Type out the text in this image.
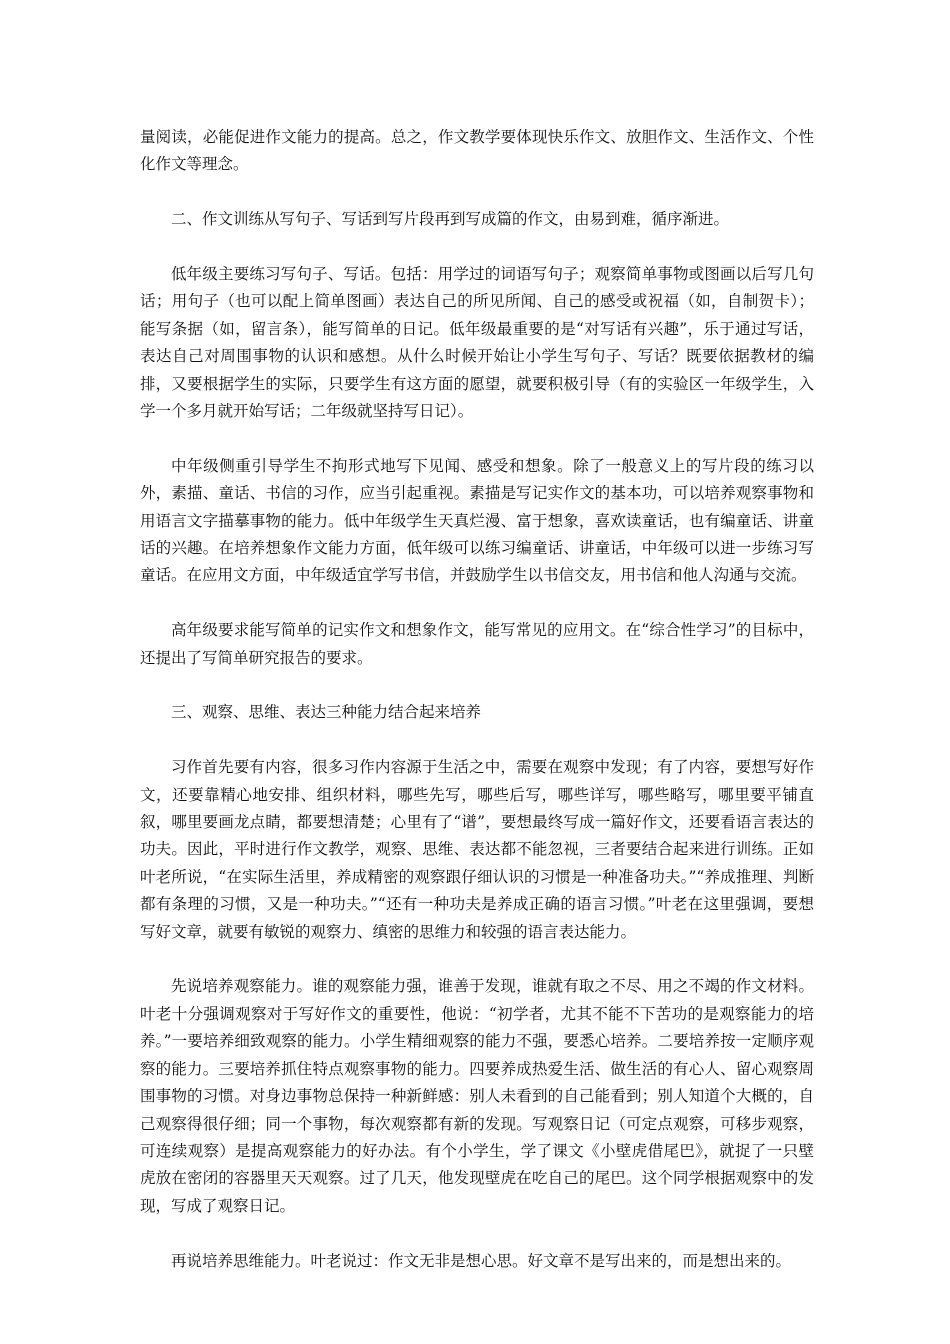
量阅读，必能促进作文能力的提高。总之，作文教学要体现快乐作文、放胆作文、生活作文、个性化作文等理念。

二、作文训练从写句子、写话到写片段再到写成篇的作文，由易到难，循序渐进。

低年级主要练习写句子、写话。包括：用学过的词语写句子；观察简单事物或图画以后写几句话；用句子（也可以配上简单图画）表达自己的所见所闻、自己的感受或祝福（如，自制贺卡）；能写条据（如，留言条），能写简单的日记。低年级最重要的是“对写话有兴趣”，乐于通过写话，表达自己对周围事物的认识和感想。从什么时候开始让小学生写句子、写话？既要依据教材的编排，又要根据学生的实际，只要学生有这方面的愿望，就要积极引导（有的实验区一年级学生，入学一个多月就开始写话；二年级就坚持写日记）。

中年级侧重引导学生不拘形式地写下见闻、感受和想象。除了一般意义上的写片段的练习以外，素描、童话、书信的习作，应当引起重视。素描是写记实作文的基本功，可以培养观察事物和用语言文字描摹事物的能力。低中年级学生天真烂漫、富于想象，喜欢读童话，也有编童话、讲童话的兴趣。在培养想象作文能力方面，低年级可以练习编童话、讲童话，中年级可以进一步练习写童话。在应用文方面，中年级适宜学写书信，并鼓励学生以书信交友，用书信和他人沟通与交流。

高年级要求能写简单的记实作文和想象作文，能写常见的应用文。在“综合性学习”的目标中，还提出了写简单研究报告的要求。

三、观察、思维、表达三种能力结合起来培养

习作首先要有内容，很多习作内容源于生活之中，需要在观察中发现；有了内容，要想写好作文，还要靠精心地安排、组织材料，哪些先写，哪些后写，哪些详写，哪些略写，哪里要平铺直叙，哪里要画龙点睛，都要想清楚；心里有了“谱”，要想最终写成一篇好作文，还要看语言表达的功夫。因此，平时进行作文教学，观察、思维、表达都不能忽视，三者要结合起来进行训练。正如叶老所说，“在实际生活里，养成精密的观察跟仔细认识的习惯是一种准备功夫。”“养成推理、判断都有条理的习惯，又是一种功夫。”“还有一种功夫是养成正确的语言习惯。”叶老在这里强调，要想写好文章，就要有敏锐的观察力、缜密的思维力和较强的语言表达能力。

先说培养观察能力。谁的观察能力强，谁善于发现，谁就有取之不尽、用之不竭的作文材料。叶老十分强调观察对于写好作文的重要性，他说：“初学者，尤其不能不下苦功的是观察能力的培养。”一要培养细致观察的能力。小学生精细观察的能力不强，要悉心培养。二要培养按一定顺序观察的能力。三要培养抓住特点观察事物的能力。四要养成热爱生活、做生活的有心人、留心观察周围事物的习惯。对身边事物总保持一种新鲜感：别人未看到的自己能看到；别人知道个大概的，自己观察得很仔细；同一个事物，每次观察都有新的发现。写观察日记（可定点观察，可移步观察，可连续观察）是提高观察能力的好办法。有个小学生，学了课文《小壁虎借尾巴》，就捉了一只壁虎放在密闭的容器里天天观察。过了几天，他发现壁虎在吃自己的尾巴。这个同学根据观察中的发现，写成了观察日记。

再说培养思维能力。叶老说过：作文无非是想心思。好文章不是写出来的，而是想出来的。
